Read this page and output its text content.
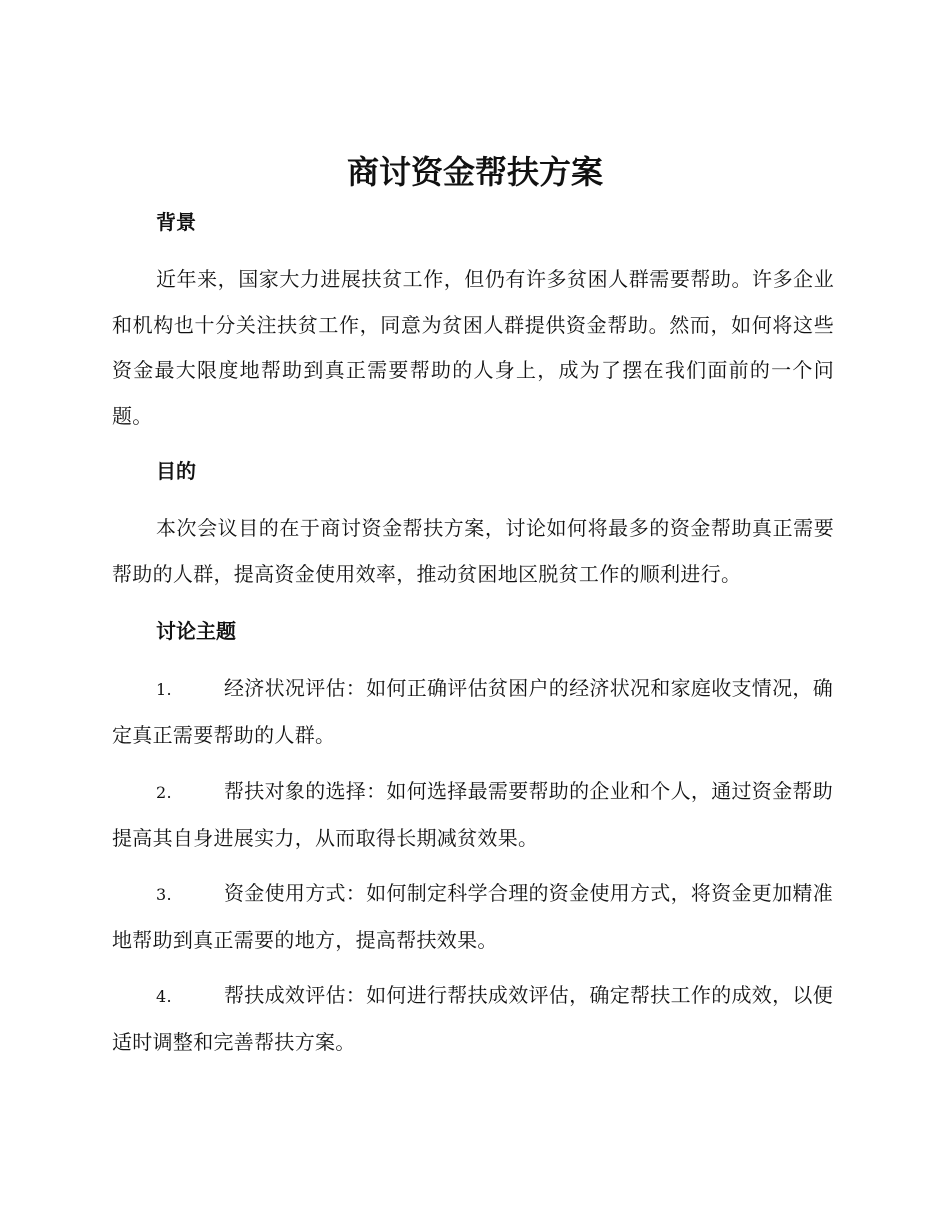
商讨资金帮扶方案
背景

近年来，国家大力进展扶贫工作，但仍有许多贫困人群需要帮助。许多企业和机构也十分关注扶贫工作，同意为贫困人群提供资金帮助。然而，如何将这些资金最大限度地帮助到真正需要帮助的人身上，成为了摆在我们面前的一个问题。

目的

本次会议目的在于商讨资金帮扶方案，讨论如何将最多的资金帮助真正需要帮助的人群，提高资金使用效率，推动贫困地区脱贫工作的顺利进行。

讨论主题
1.	经济状况评估：如何正确评估贫困户的经济状况和家庭收支情况，确定真正需要帮助的人群。
2.	帮扶对象的选择：如何选择最需要帮助的企业和个人，通过资金帮助提高其自身进展实力，从而取得长期减贫效果。
3.	资金使用方式：如何制定科学合理的资金使用方式，将资金更加精准地帮助到真正需要的地方，提高帮扶效果。
4.	帮扶成效评估：如何进行帮扶成效评估，确定帮扶工作的成效，以便适时调整和完善帮扶方案。
